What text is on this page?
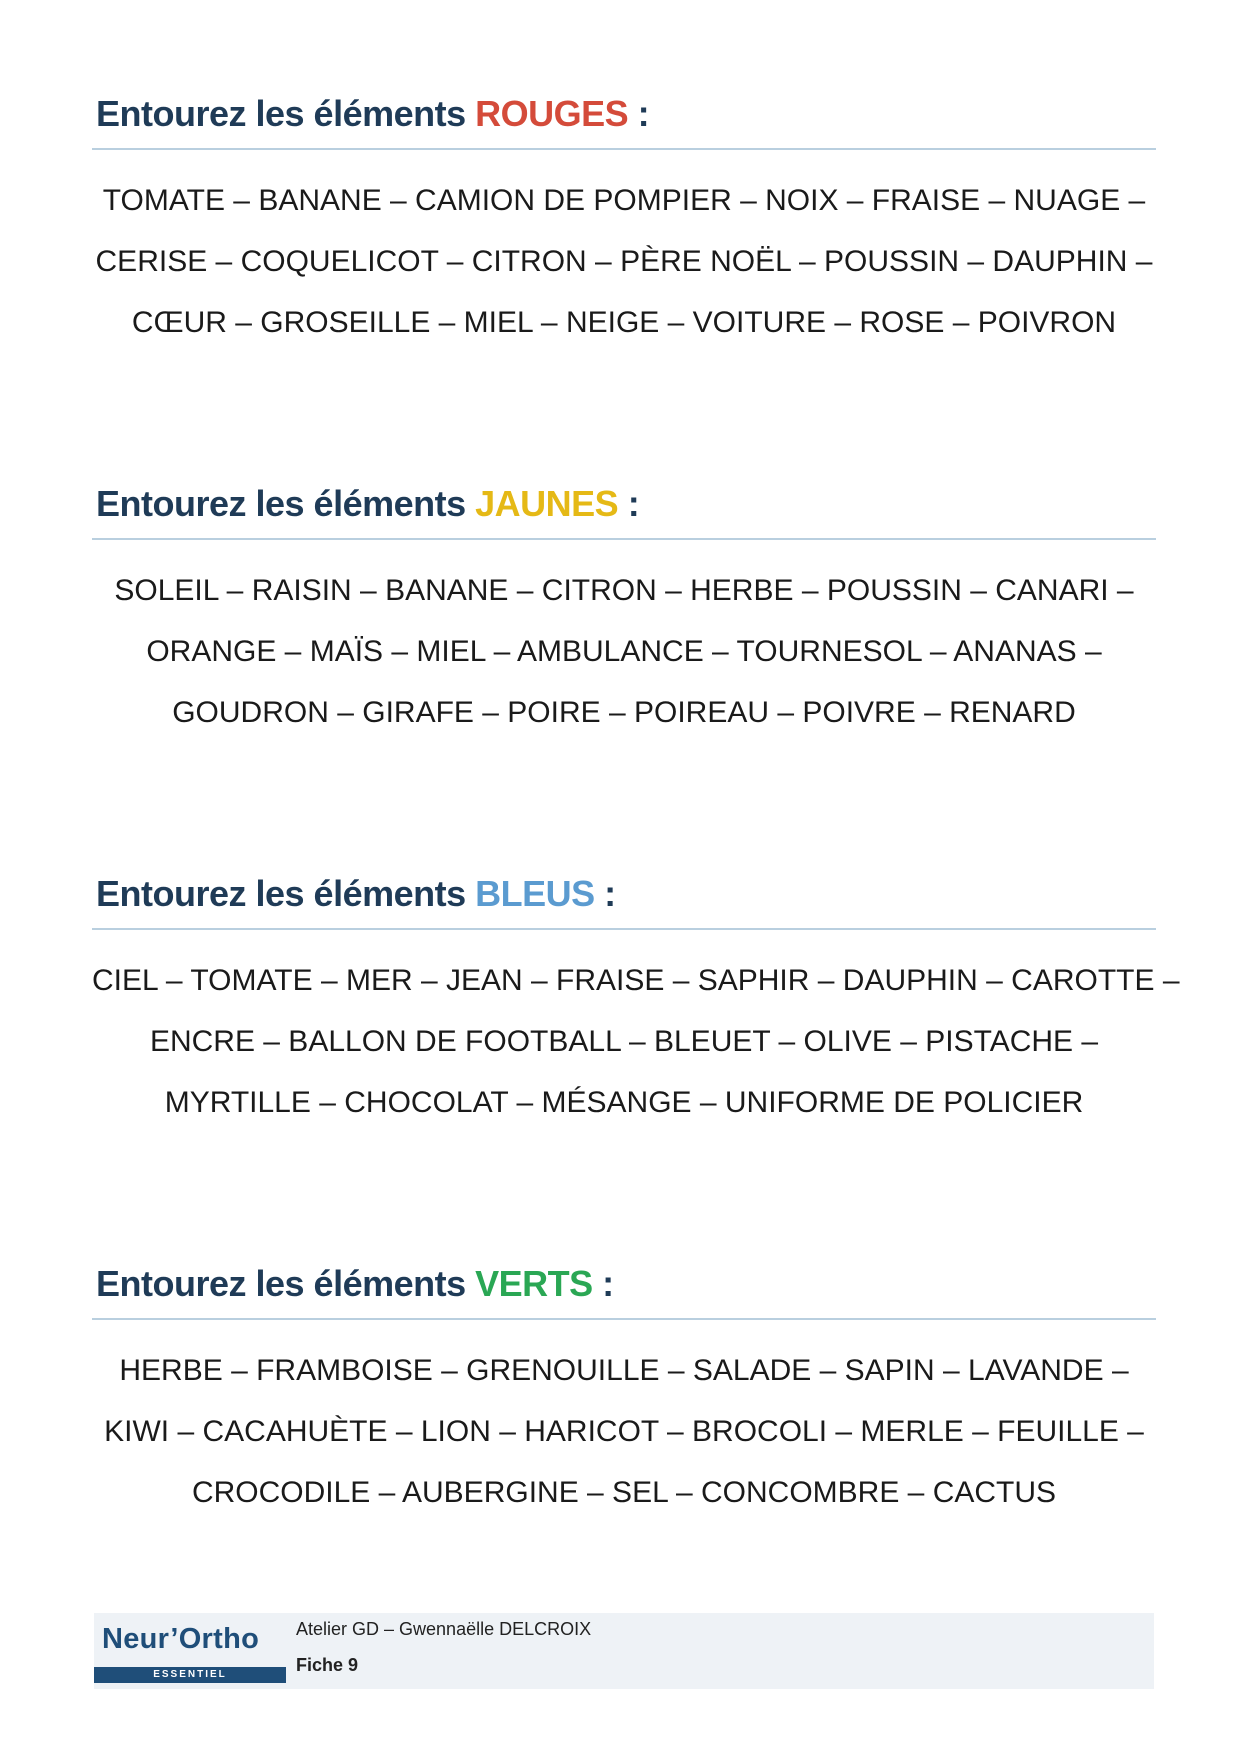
Entourez les éléments ROUGES :
TOMATE – BANANE – CAMION DE POMPIER – NOIX – FRAISE – NUAGE –
CERISE – COQUELICOT – CITRON – PÈRE NOËL – POUSSIN – DAUPHIN –
CŒUR – GROSEILLE – MIEL – NEIGE – VOITURE – ROSE – POIVRON
Entourez les éléments JAUNES :
SOLEIL – RAISIN – BANANE – CITRON – HERBE – POUSSIN – CANARI –
ORANGE – MAÏS – MIEL – AMBULANCE – TOURNESOL – ANANAS –
GOUDRON – GIRAFE – POIRE – POIREAU – POIVRE – RENARD
Entourez les éléments BLEUS :
CIEL – TOMATE – MER – JEAN – FRAISE – SAPHIR – DAUPHIN – CAROTTE –
ENCRE – BALLON DE FOOTBALL – BLEUET – OLIVE – PISTACHE –
MYRTILLE – CHOCOLAT – MÉSANGE – UNIFORME DE POLICIER
Entourez les éléments VERTS :
HERBE – FRAMBOISE – GRENOUILLE – SALADE – SAPIN – LAVANDE –
KIWI – CACAHUÈTE – LION – HARICOT – BROCOLI – MERLE – FEUILLE –
CROCODILE – AUBERGINE – SEL – CONCOMBRE – CACTUS
Neur’Ortho
ESSENTIEL
Atelier GD – Gwennaëlle DELCROIX
Fiche 9
